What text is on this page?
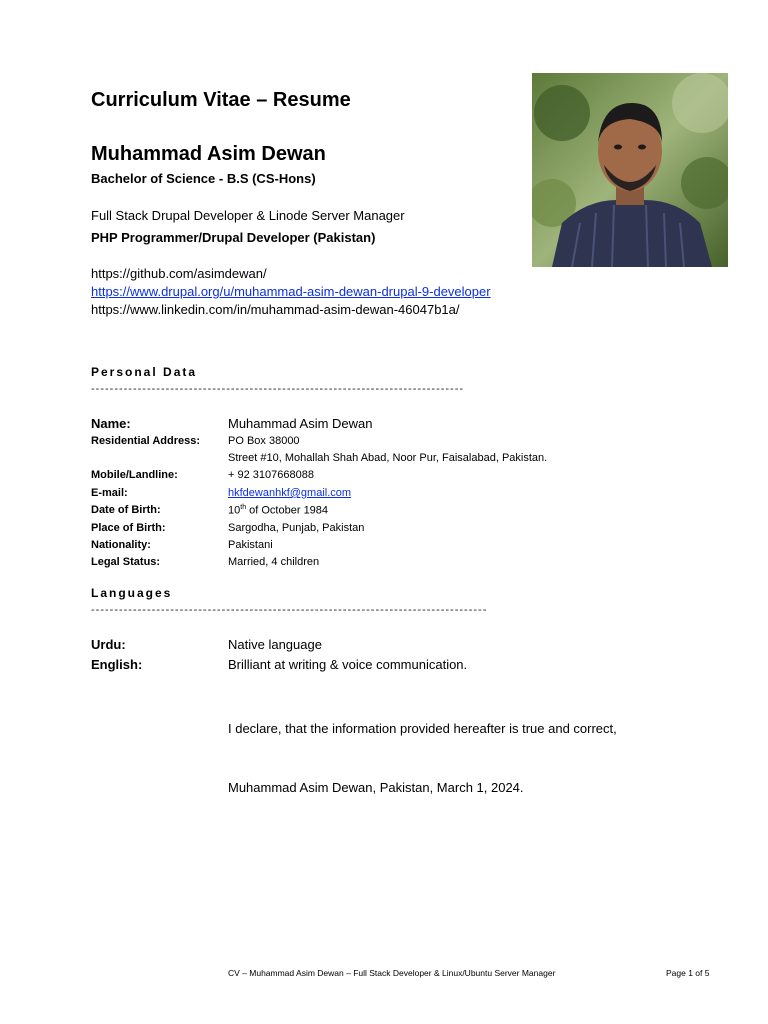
Curriculum Vitae – Resume
Muhammad Asim Dewan
Bachelor of Science - B.S (CS-Hons)
Full Stack Drupal Developer & Linode Server Manager
PHP Programmer/Drupal Developer (Pakistan)
https://github.com/asimdewan/
https://www.drupal.org/u/muhammad-asim-dewan-drupal-9-developer
https://www.linkedin.com/in/muhammad-asim-dewan-46047b1a/
Personal Data
--------------------------------------------------------------------------------
Name:	Muhammad Asim Dewan
Residential Address:	PO Box 38000
Street #10, Mohallah Shah Abad, Noor Pur, Faisalabad, Pakistan.
Mobile/Landline:	+ 92 3107668088
E-mail:	hkfdewanhkf@gmail.com
Date of Birth:	10th of October 1984
Place of Birth:	Sargodha, Punjab, Pakistan
Nationality:	Pakistani
Legal Status:	Married, 4 children
Languages
-------------------------------------------------------------------------------------
Urdu:	Native language
English:	Brilliant at writing & voice communication.
I declare, that the information provided hereafter is true and correct,
Muhammad Asim Dewan, Pakistan, March 1, 2024.
CV – Muhammad Asim Dewan – Full Stack Developer & Linux/Ubuntu Server Manager	Page 1 of 5
